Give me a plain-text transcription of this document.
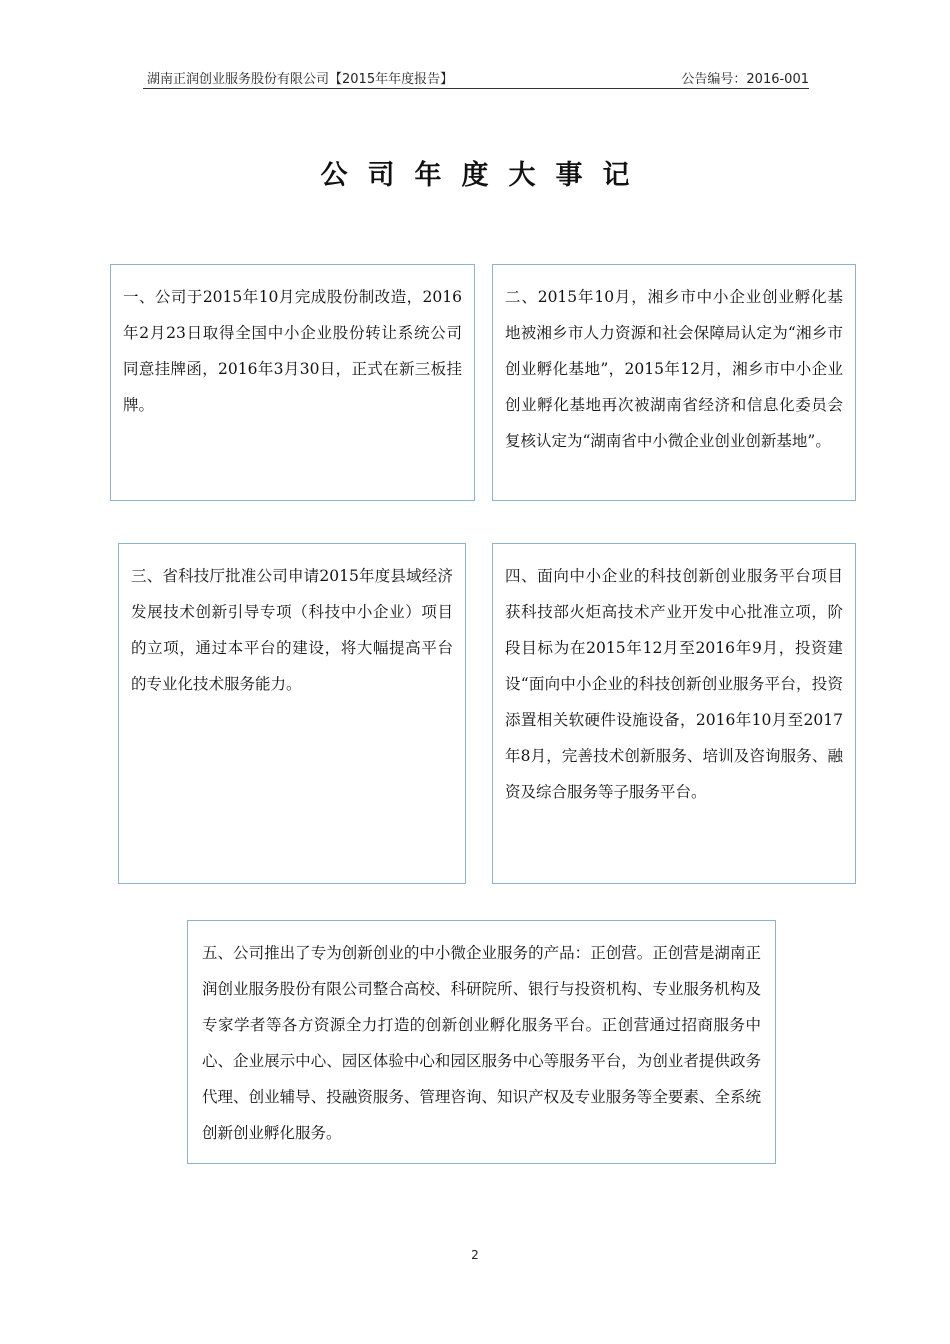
湖南正润创业服务股份有限公司【2015年年度报告】	公告编号：2016-001
公司年度大事记
一、公司于2015年10月完成股份制改造，2016年2月23日取得全国中小企业股份转让系统公司同意挂牌函，2016年3月30日，正式在新三板挂牌。
二、2015年10月，湘乡市中小企业创业孵化基地被湘乡市人力资源和社会保障局认定为“湘乡市创业孵化基地”，2015年12月，湘乡市中小企业创业孵化基地再次被湖南省经济和信息化委员会复核认定为“湖南省中小微企业创业创新基地”。
三、省科技厅批准公司申请2015年度县域经济发展技术创新引导专项（科技中小企业）项目的立项，通过本平台的建设，将大幅提高平台的专业化技术服务能力。
四、面向中小企业的科技创新创业服务平台项目获科技部火炬高技术产业开发中心批准立项，阶段目标为在2015年12月至2016年9月，投资建设“面向中小企业的科技创新创业服务平台，投资添置相关软硬件设施设备，2016年10月至2017年8月，完善技术创新服务、培训及咨询服务、融资及综合服务等子服务平台。
五、公司推出了专为创新创业的中小微企业服务的产品：正创营。正创营是湖南正润创业服务股份有限公司整合高校、科研院所、银行与投资机构、专业服务机构及专家学者等各方资源全力打造的创新创业孵化服务平台。正创营通过招商服务中心、企业展示中心、园区体验中心和园区服务中心等服务平台，为创业者提供政务代理、创业辅导、投融资服务、管理咨询、知识产权及专业服务等全要素、全系统创新创业孵化服务。
2
